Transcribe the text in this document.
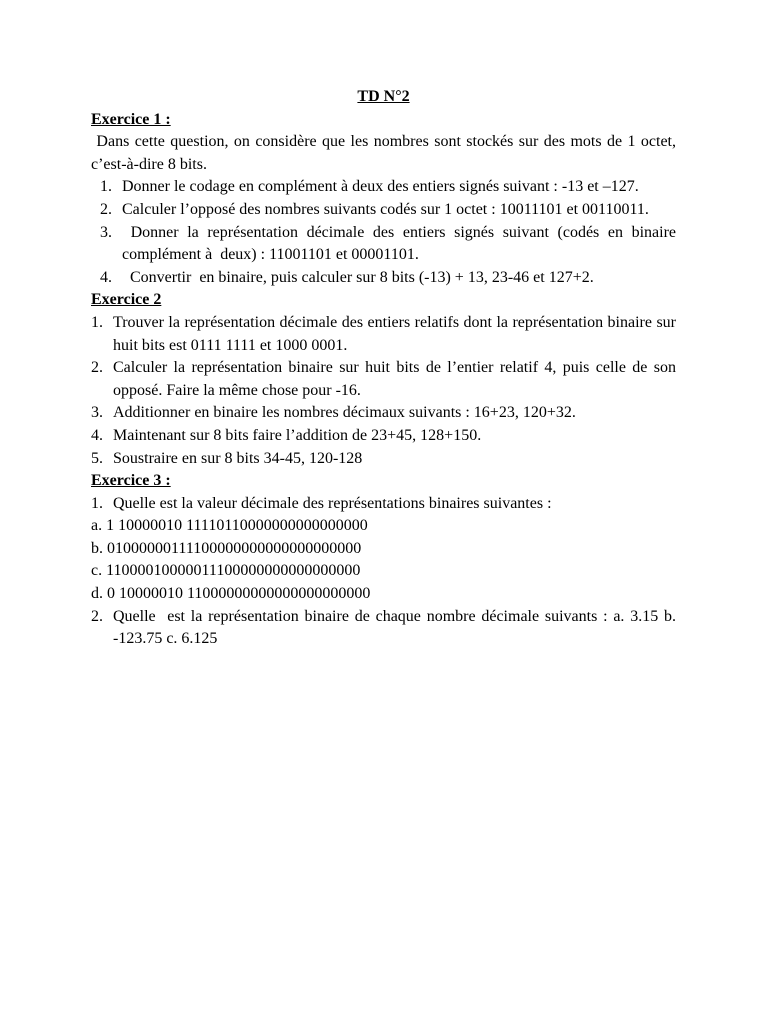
TD N°2

Exercice 1 :

Dans cette question, on considère que les nombres sont stockés sur des mots de 1 octet, c’est-à-dire 8 bits.

1. Donner le codage en complément à deux des entiers signés suivant : -13 et –127.
2. Calculer l’opposé des nombres suivants codés sur 1 octet : 10011101 et 00110011.
3. Donner la représentation décimale des entiers signés suivant (codés en binaire complément à  deux) : 11001101 et 00001101.
4. Convertir  en binaire, puis calculer sur 8 bits (-13) + 13, 23-46 et 127+2.

Exercice 2

1. Trouver la représentation décimale des entiers relatifs dont la représentation binaire sur huit bits est 0111 1111 et 1000 0001.
2. Calculer la représentation binaire sur huit bits de l’entier relatif 4, puis celle de son opposé. Faire la même chose pour -16.
3. Additionner en binaire les nombres décimaux suivants : 16+23, 120+32.
4. Maintenant sur 8 bits faire l’addition de 23+45, 128+150.
5. Soustraire en sur 8 bits 34-45, 120-128

Exercice 3 :

1. Quelle est la valeur décimale des représentations binaires suivantes :

a. 1 10000010 11110110000000000000000

b. 01000000111100000000000000000000

c. 11000010000011100000000000000000

d. 0 10000010 11000000000000000000000

2. Quelle  est la représentation binaire de chaque nombre décimale suivants : a. 3.15 b. -123.75 c. 6.125
